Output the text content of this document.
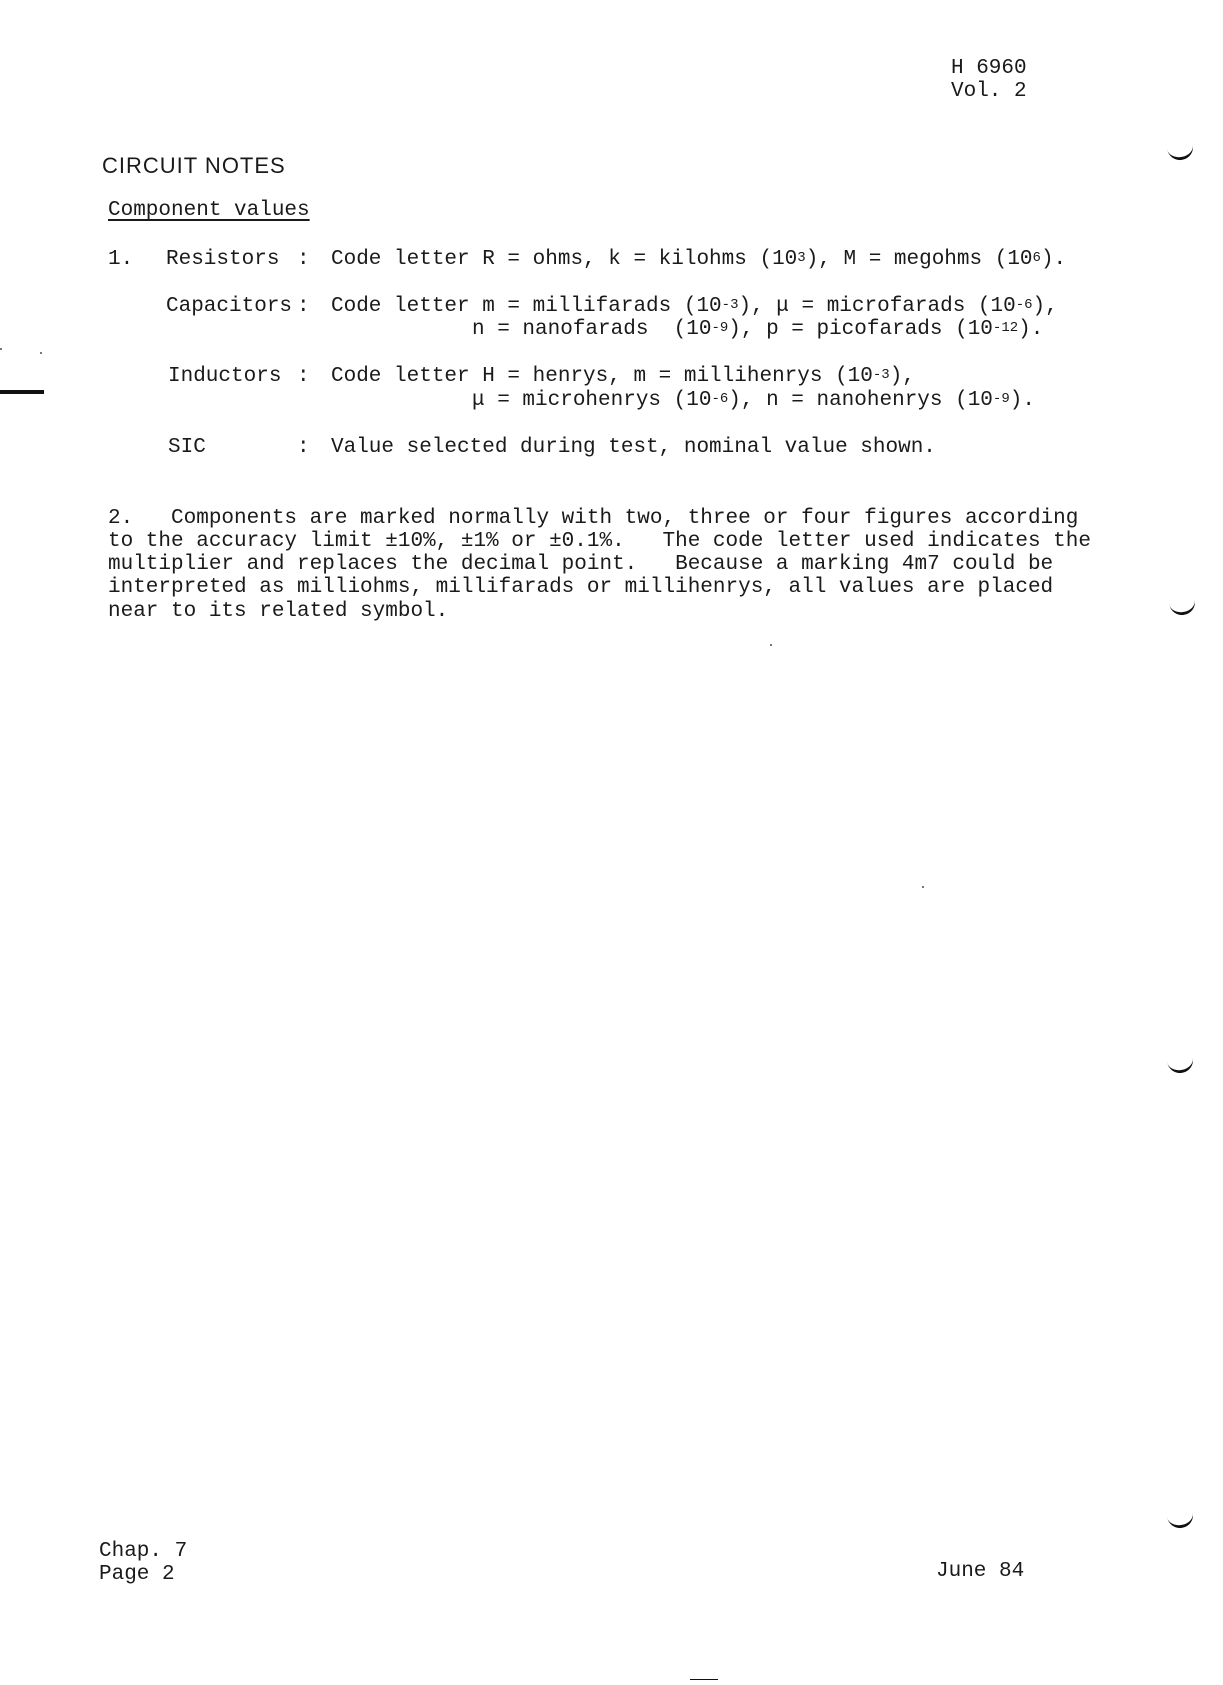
H 6960
Vol. 2
CIRCUIT NOTES
Component values
1. Resistors : Code letter R = ohms, k = kilohms $(10^3)$, M = megohms $(10^6)$.
Capacitors : Code letter m = millifarads $(10^{-3})$, μ = microfarads $(10^{-6})$,
n = nanofarads  $(10^{-9})$, p = picofarads $(10^{-12})$.
Inductors : Code letter H = henrys, m = millihenrys $(10^{-3})$,
μ = microhenrys $(10^{-6})$, n = nanohenrys $(10^{-9})$.
SIC	: Value selected during test, nominal value shown.
2.   Components are marked normally with two, three or four figures according
to the accuracy limit ±10%, ±1% or ±0.1%.   The code letter used indicates the
multiplier and replaces the decimal point.   Because a marking 4m7 could be
interpreted as milliohms, millifarads or millihenrys, all values are placed
near to its related symbol.
Chap. 7
Page 2	June 84
